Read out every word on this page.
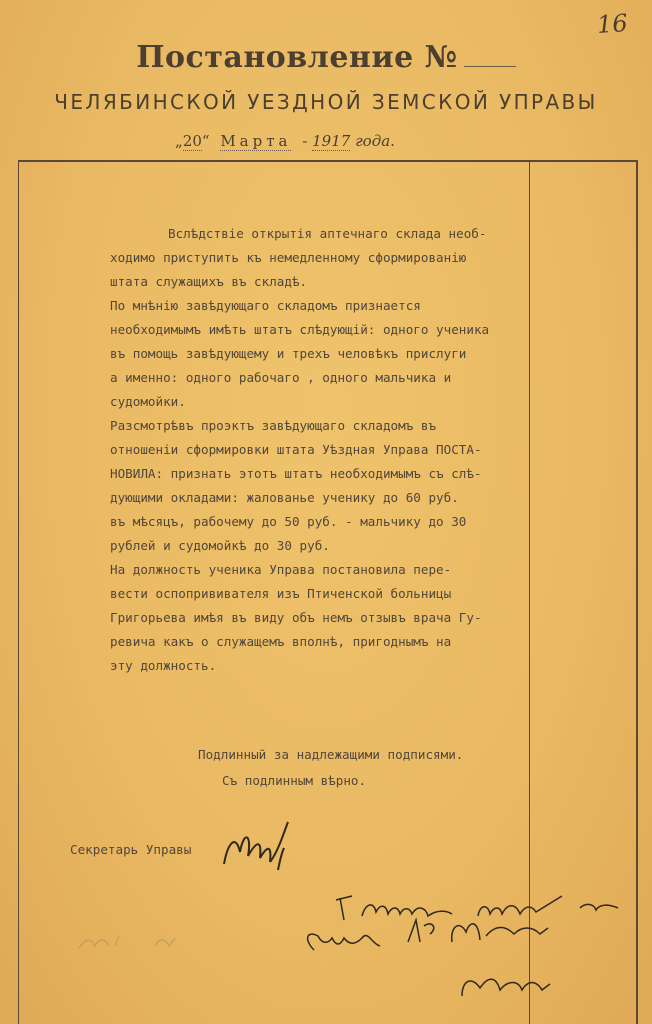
16
Постановление №
ЧЕЛЯБИНСКОЙ УЕЗДНОЙ ЗЕМСКОЙ УПРАВЫ
„20“ Марта - 1917 года.
Вслѣдствіе открытія аптечнаго склада необ-
ходимо приступить къ немедленному сформированію
штата служащихъ въ складѣ.
По мнѣнію завѣдующаго складомъ признается
необходимымъ имѣть штатъ слѣдующій: одного ученика
въ помощь завѣдующему и трехъ человѣкъ прислуги
а именно: одного рабочаго , одного мальчика и
судомойки.
Разсмотрѣвъ проэктъ завѣдующаго складомъ въ
отношеніи сформировки штата Уѣздная Управа ПОСТА-
НОВИЛА: признать этотъ штатъ необходимымъ съ слѣ-
дующими окладами: жалованье ученику до 60 руб.
въ мѣсяцъ, рабочему до 50 руб. - мальчику до 30
рублей и судомойкѣ до 30 руб.
На должность ученика Управа постановила пере-
вести оспопрививателя изъ Птиченской больницы
Григорьева имѣя въ виду объ немъ отзывъ врача Гу-
ревича какъ о служащемъ вполнѣ, пригоднымъ на
эту должность.
Подлинный за надлежащими подписями.
Съ подлинным вѣрно.
Секретарь Управы
